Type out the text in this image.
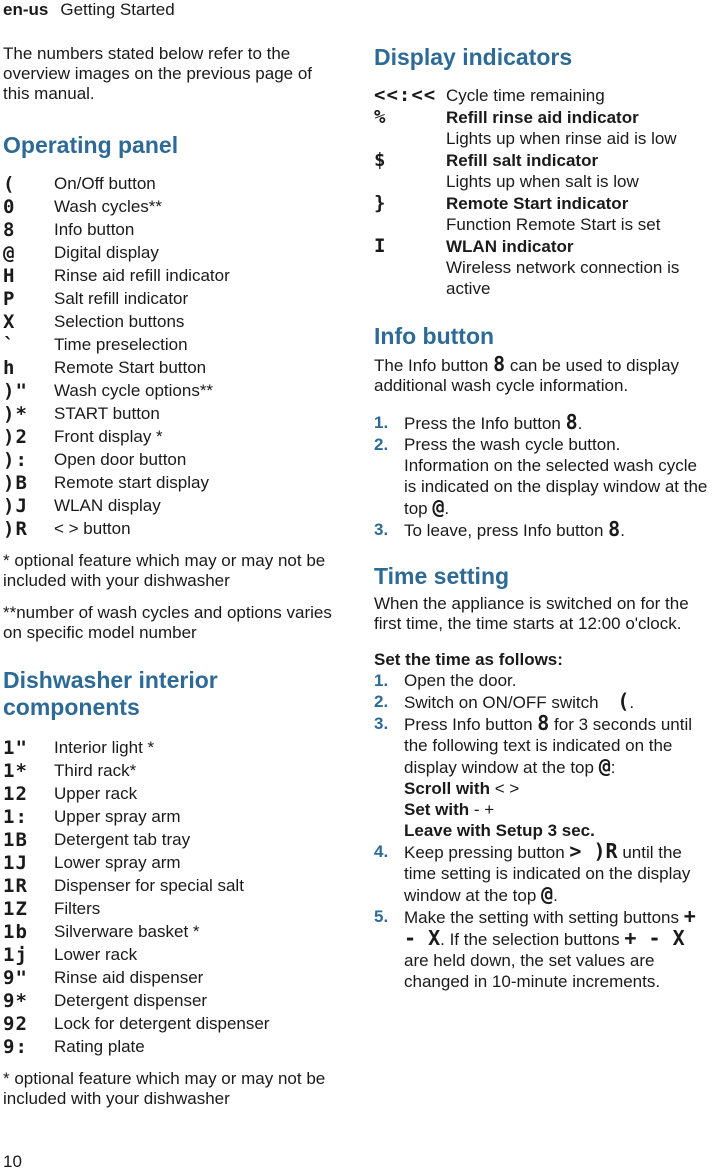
en-us Getting Started

The numbers stated below refer to the overview images on the previous page of this manual.

Operating panel
(	On/Off button
0	Wash cycles**
8	Info button
@	Digital display
H	Rinse aid refill indicator
P	Salt refill indicator
X	Selection buttons
`	Time preselection
h	Remote Start button
)"	Wash cycle options**
)*	START button
)2	Front display *
):	Open door button
)B	Remote start display
)J	WLAN display
)R	< > button

* optional feature which may or may not be included with your dishwasher

**number of wash cycles and options varies on specific model number

Dishwasher interior components
1"	Interior light *
1*	Third rack*
12	Upper rack
1:	Upper spray arm
1B	Detergent tab tray
1J	Lower spray arm
1R	Dispenser for special salt
1Z	Filters
1b	Silverware basket *
1j	Lower rack
9"	Rinse aid dispenser
9*	Detergent dispenser
92	Lock for detergent dispenser
9:	Rating plate

* optional feature which may or may not be included with your dishwasher

Display indicators
<<:<< Cycle time remaining
%	Refill rinse aid indicator
Lights up when rinse aid is low
$	Refill salt indicator
Lights up when salt is low
}	Remote Start indicator
Function Remote Start is set
I	WLAN indicator
Wireless network connection is active
Info button

The Info button 8 can be used to display additional wash cycle information.

1. Press the Info button 8.
2. Press the wash cycle button. Information on the selected wash cycle is indicated on the display window at the top @.
3. To leave, press Info button 8.
Time setting

When the appliance is switched on for the first time, the time starts at 12:00 o'clock.

Set the time as follows:

1. Open the door.
2. Switch on ON/OFF switch (.
3. Press Info button 8 for 3 seconds until the following text is indicated on the display window at the top @:
Scroll with < >
Set with - +
Leave with Setup 3 sec.
4. Keep pressing button > )R until the time setting is indicated on the display window at the top @.
5. Make the setting with setting buttons + - X. If the selection buttons + - X are held down, the set values are changed in 10-minute increments.
10
